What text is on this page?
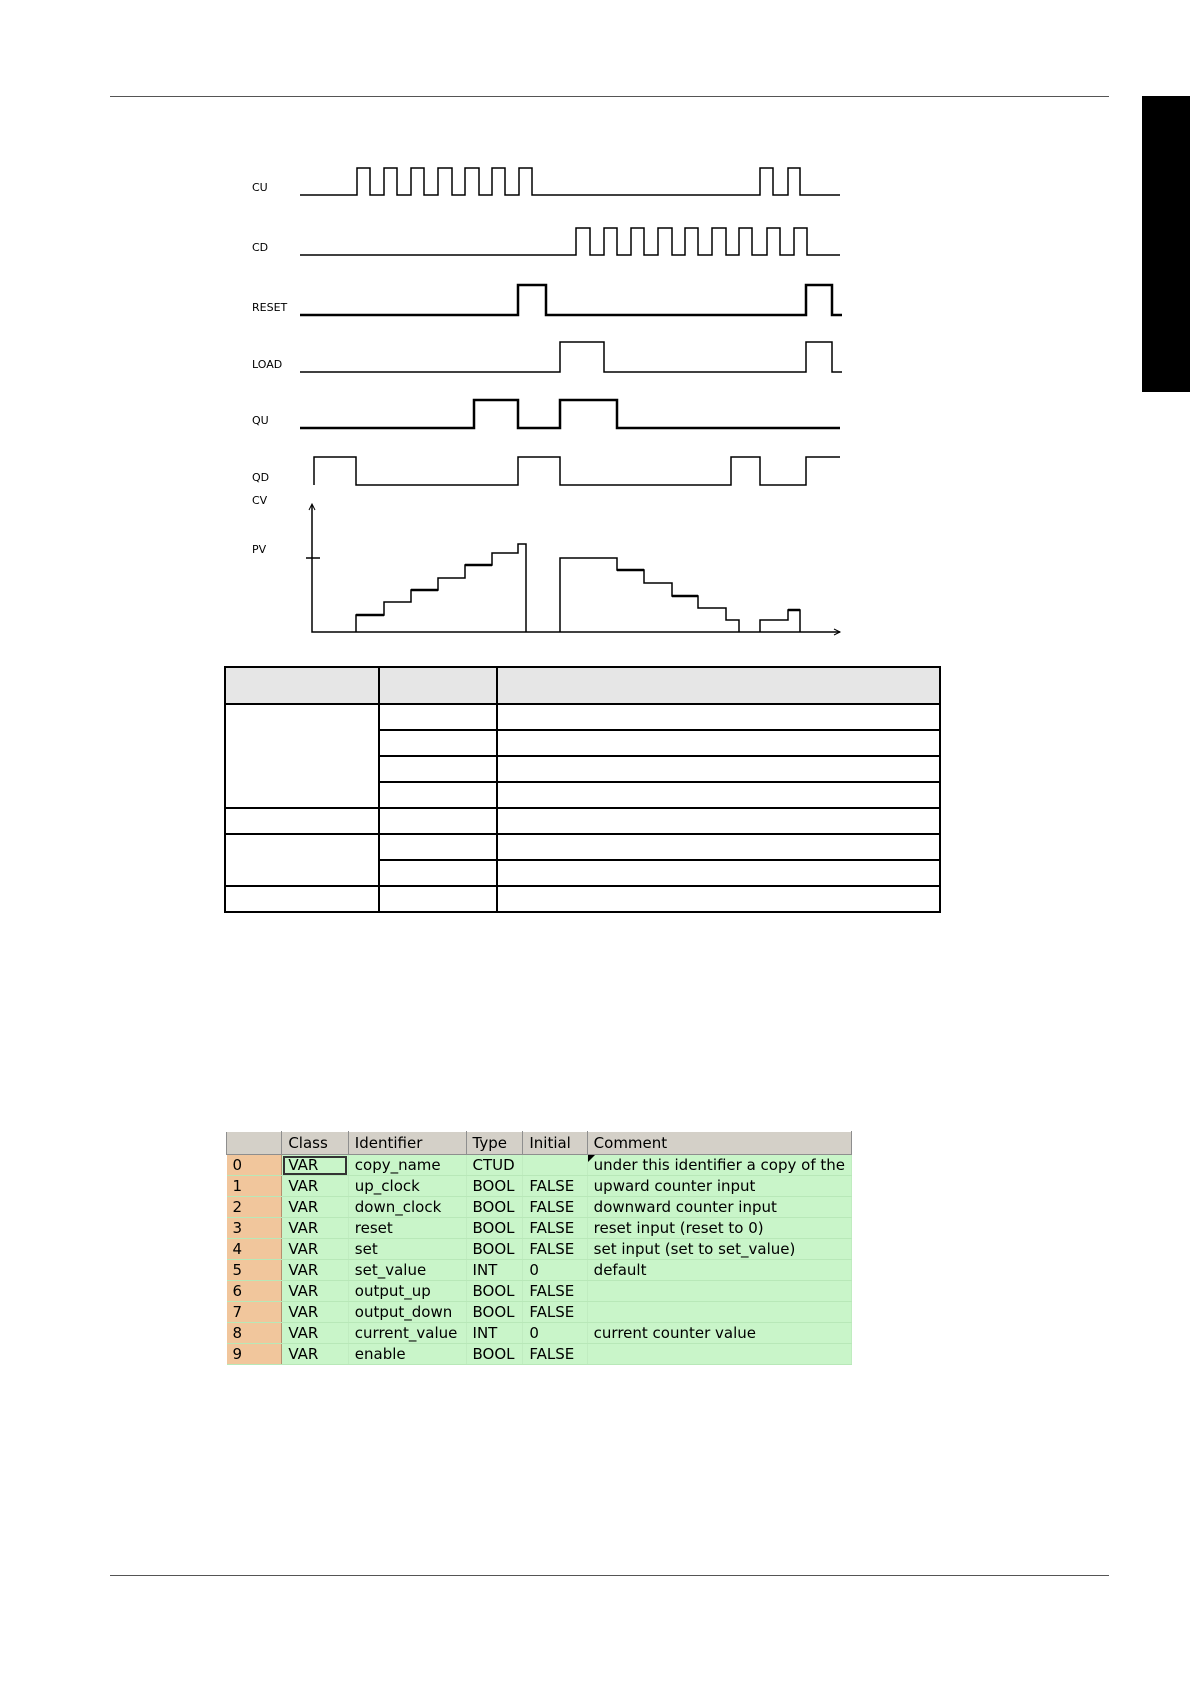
CU
CD
RESET
LOAD
QU
QD
CV
PV

	Class	Identifier	Type	Initial	Comment
0	VAR	copy_name	CTUD		under this identifier a copy of the
1	VAR	up_clock	BOOL	FALSE	upward counter input
2	VAR	down_clock	BOOL	FALSE	downward counter input
3	VAR	reset	BOOL	FALSE	reset input (reset to 0)
4	VAR	set	BOOL	FALSE	set input (set to set_value)
5	VAR	set_value	INT	0	default
6	VAR	output_up	BOOL	FALSE	
7	VAR	output_down	BOOL	FALSE	
8	VAR	current_value	INT	0	current counter value
9	VAR	enable	BOOL	FALSE	
